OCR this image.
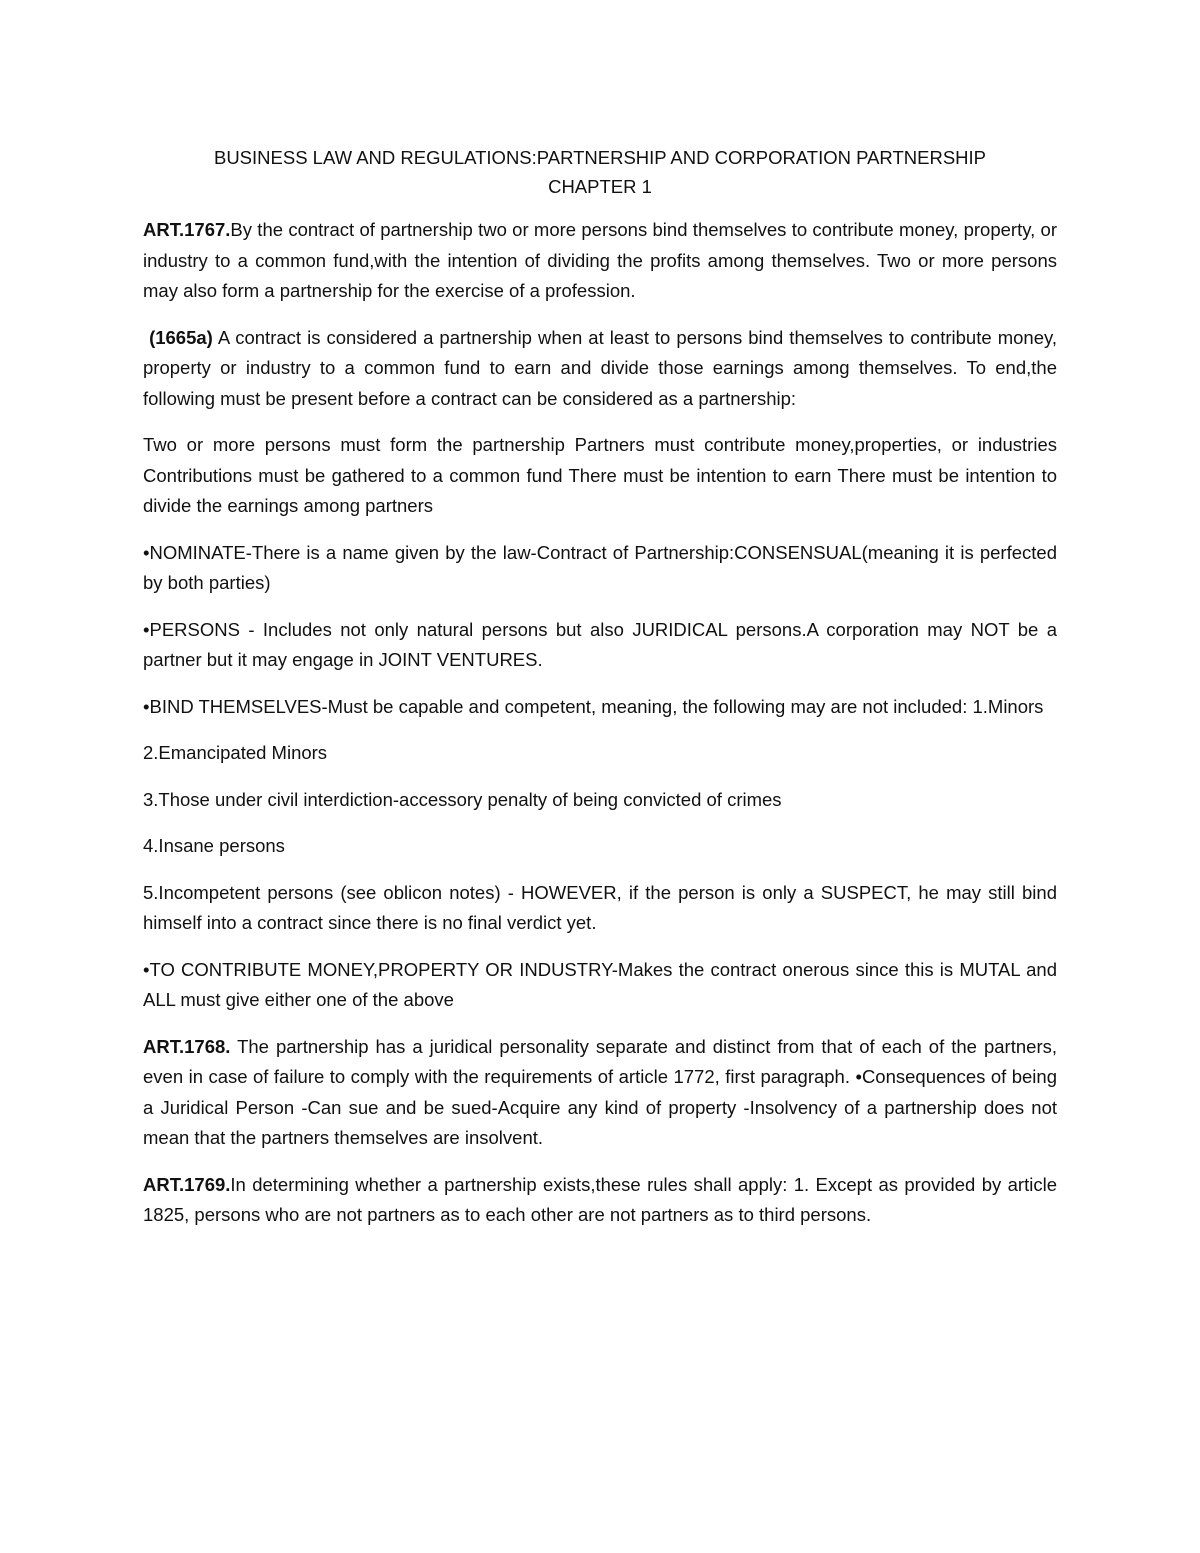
BUSINESS LAW AND REGULATIONS:PARTNERSHIP AND CORPORATION PARTNERSHIP
CHAPTER 1

ART.1767.By the contract of partnership two or more persons bind themselves to contribute money, property, or industry to a common fund,with the intention of dividing the profits among themselves. Two or more persons may also form a partnership for the exercise of a profession.

(1665a) A contract is considered a partnership when at least to persons bind themselves to contribute money, property or industry to a common fund to earn and divide those earnings among themselves. To end,the following must be present before a contract can be considered as a partnership:

Two or more persons must form the partnership Partners must contribute money,properties, or industries Contributions must be gathered to a common fund There must be intention to earn There must be intention to divide the earnings among partners

•NOMINATE-There is a name given by the law-Contract of Partnership:CONSENSUAL(meaning it is perfected by both parties)

•PERSONS - Includes not only natural persons but also JURIDICAL persons.A corporation may NOT be a partner but it may engage in JOINT VENTURES.

•BIND THEMSELVES-Must be capable and competent, meaning, the following may are not included: 1.Minors

2.Emancipated Minors

3.Those under civil interdiction-accessory penalty of being convicted of crimes

4.Insane persons

5.Incompetent persons (see oblicon notes) - HOWEVER, if the person is only a SUSPECT, he may still bind himself into a contract since there is no final verdict yet.

•TO CONTRIBUTE MONEY,PROPERTY OR INDUSTRY-Makes the contract onerous since this is MUTAL and ALL must give either one of the above

ART.1768. The partnership has a juridical personality separate and distinct from that of each of the partners, even in case of failure to comply with the requirements of article 1772, first paragraph. •Consequences of being a Juridical Person -Can sue and be sued-Acquire any kind of property -Insolvency of a partnership does not mean that the partners themselves are insolvent.

ART.1769.In determining whether a partnership exists,these rules shall apply: 1. Except as provided by article 1825, persons who are not partners as to each other are not partners as to third persons.
